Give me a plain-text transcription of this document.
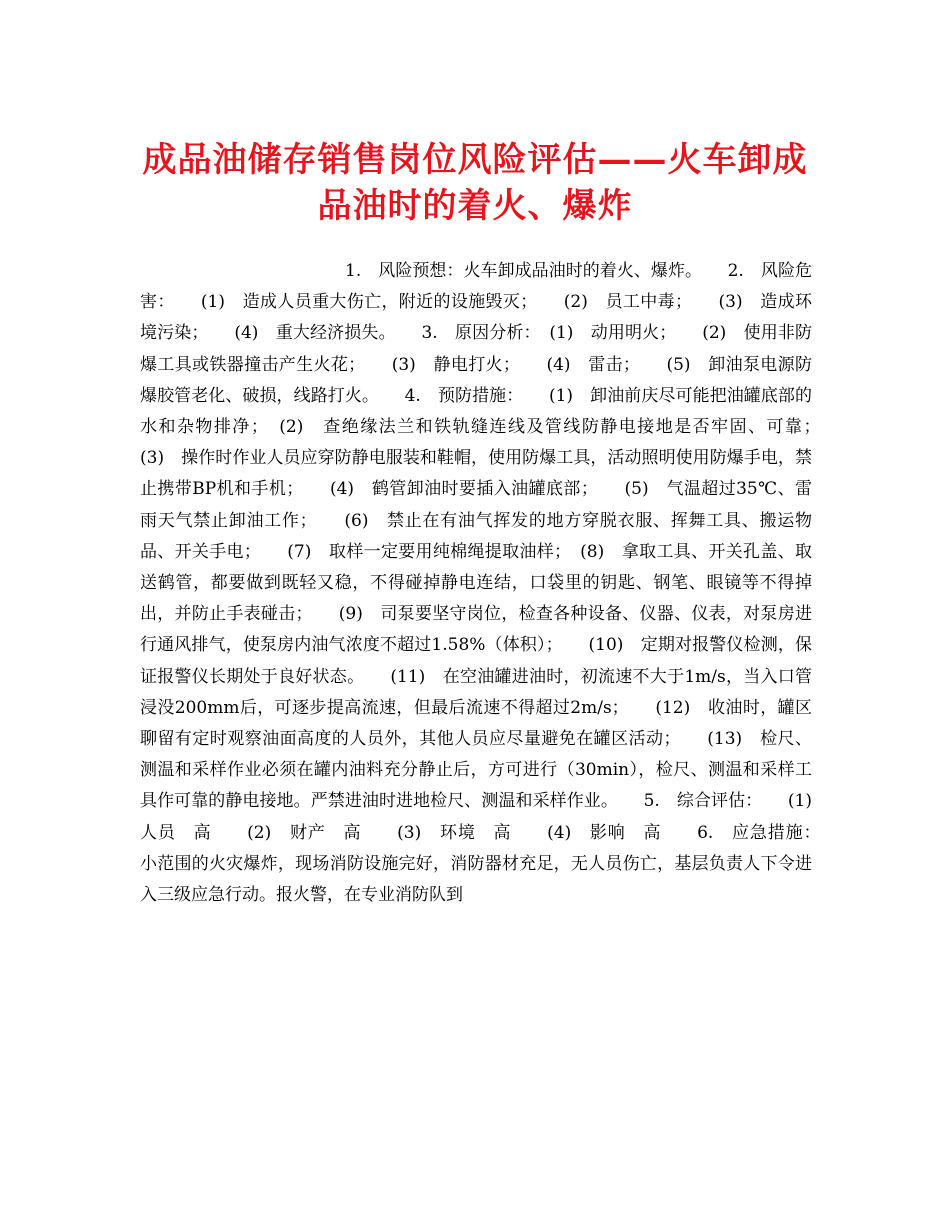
成品油储存销售岗位风险评估——火车卸成
品油时的着火、爆炸
1.　风险预想：火车卸成品油时的着火、爆炸。　　2.　风险危害：　　(1)　造成人员重大伤亡，附近的设施毁灭；　　(2)　员工中毒；　　(3)　造成环境污染；　　(4)　重大经济损失。　　3.　原因分析：　(1)　动用明火；　　(2)　使用非防爆工具或铁器撞击产生火花；　　(3)　静电打火；　　(4)　雷击；　　(5)　卸油泵电源防爆胶管老化、破损，线路打火。　　4.　预防措施：　　(1)　卸油前庆尽可能把油罐底部的水和杂物排净；　(2)　查绝缘法兰和铁轨缝连线及管线防静电接地是否牢固、可靠；　　(3)　操作时作业人员应穿防静电服装和鞋帽，使用防爆工具，活动照明使用防爆手电，禁止携带BP机和手机；　　(4)　鹤管卸油时要插入油罐底部；　　(5)　气温超过35℃、雷雨天气禁止卸油工作；　　(6)　禁止在有油气挥发的地方穿脱衣服、挥舞工具、搬运物品、开关手电；　　(7)　取样一定要用纯棉绳提取油样；　(8)　拿取工具、开关孔盖、取送鹤管，都要做到既轻又稳，不得碰掉静电连结，口袋里的钥匙、钢笔、眼镜等不得掉出，并防止手表碰击；　　(9)　司泵要坚守岗位，检查各种设备、仪器、仪表，对泵房进行通风排气，使泵房内油气浓度不超过1.58%（体积）；　　(10)　定期对报警仪检测，保证报警仪长期处于良好状态。　　(11)　在空油罐进油时，初流速不大于1m/s，当入口管浸没200mm后，可逐步提高流速，但最后流速不得超过2m/s；　　(12)　收油时，罐区聊留有定时观察油面高度的人员外，其他人员应尽量避免在罐区活动；　　(13)　检尺、测温和采样作业必须在罐内油料充分静止后，方可进行（30min），检尺、测温和采样工具作可靠的静电接地。严禁进油时进地检尺、测温和采样作业。　　5.　综合评估：　　(1)　人员　高　　(2)　财产　高　　(3)　环境　高　　(4)　影响　高　　6.　应急措施：　　小范围的火灾爆炸，现场消防设施完好，消防器材充足，无人员伤亡，基层负责人下令进入三级应急行动。报火警，在专业消防队到
